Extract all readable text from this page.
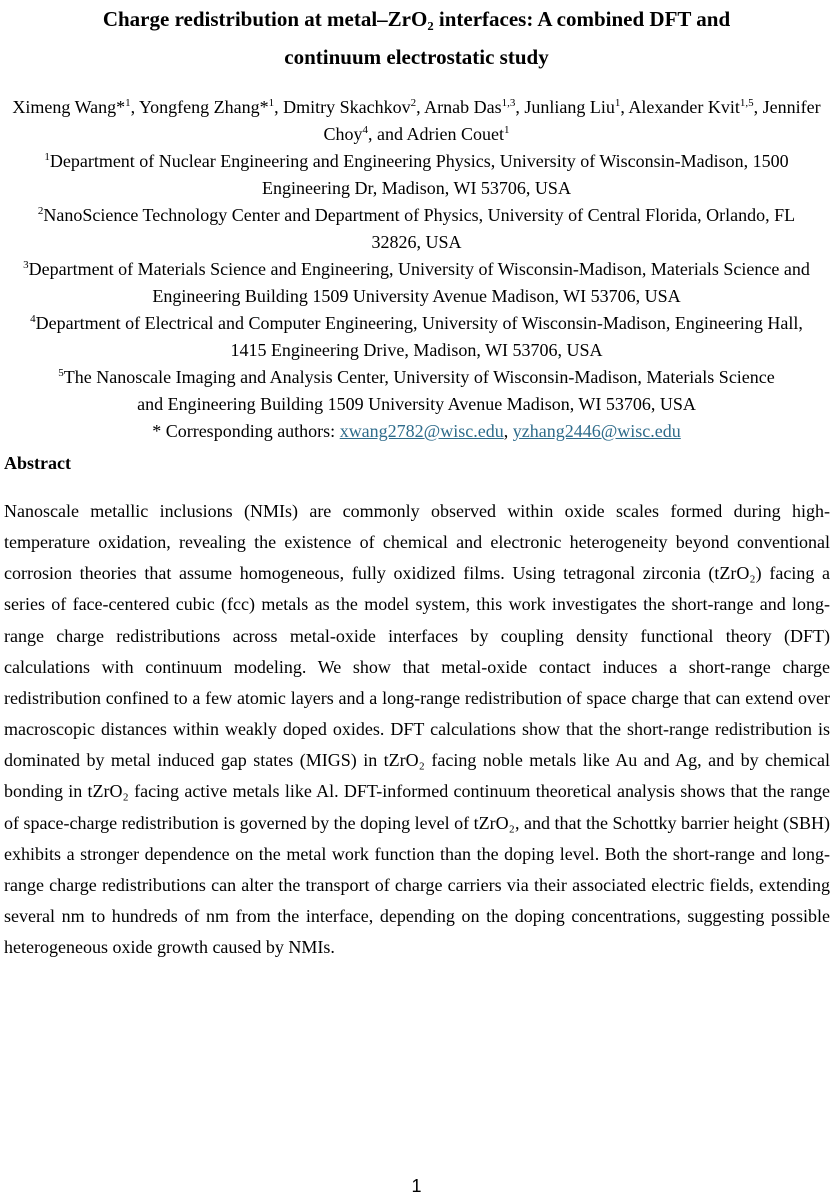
Charge redistribution at metal–ZrO₂ interfaces: A combined DFT and
continuum electrostatic study

Ximeng Wang*$^1$, Yongfeng Zhang*$^1$, Dmitry Skachkov$^2$, Arnab Das$^{1,3}$, Junliang Liu$^1$, Alexander Kvit$^{1,5}$, Jennifer Choy$^4$, and Adrien Couet$^1$

$^1$Department of Nuclear Engineering and Engineering Physics, University of Wisconsin-Madison, 1500 Engineering Dr, Madison, WI 53706, USA

$^2$NanoScience Technology Center and Department of Physics, University of Central Florida, Orlando, FL 32826, USA

$^3$Department of Materials Science and Engineering, University of Wisconsin-Madison, Materials Science and Engineering Building 1509 University Avenue Madison, WI 53706, USA

$^4$Department of Electrical and Computer Engineering, University of Wisconsin-Madison, Engineering Hall, 1415 Engineering Drive, Madison, WI 53706, USA

$^5$The Nanoscale Imaging and Analysis Center, University of Wisconsin-Madison, Materials Science and Engineering Building 1509 University Avenue Madison, WI 53706, USA

* Corresponding authors: xwang2782@wisc.edu, yzhang2446@wisc.edu

Abstract

Nanoscale metallic inclusions (NMIs) are commonly observed within oxide scales formed during high-temperature oxidation, revealing the existence of chemical and electronic heterogeneity beyond conventional corrosion theories that assume homogeneous, fully oxidized films. Using tetragonal zirconia (tZrO₂) facing a series of face-centered cubic (fcc) metals as the model system, this work investigates the short-range and long-range charge redistributions across metal-oxide interfaces by coupling density functional theory (DFT) calculations with continuum modeling. We show that metal-oxide contact induces a short-range charge redistribution confined to a few atomic layers and a long-range redistribution of space charge that can extend over macroscopic distances within weakly doped oxides. DFT calculations show that the short-range redistribution is dominated by metal induced gap states (MIGS) in tZrO₂ facing noble metals like Au and Ag, and by chemical bonding in tZrO₂ facing active metals like Al. DFT-informed continuum theoretical analysis shows that the range of space-charge redistribution is governed by the doping level of tZrO₂, and that the Schottky barrier height (SBH) exhibits a stronger dependence on the metal work function than the doping level. Both the short-range and long-range charge redistributions can alter the transport of charge carriers via their associated electric fields, extending several nm to hundreds of nm from the interface, depending on the doping concentrations, suggesting possible heterogeneous oxide growth caused by NMIs.

1
